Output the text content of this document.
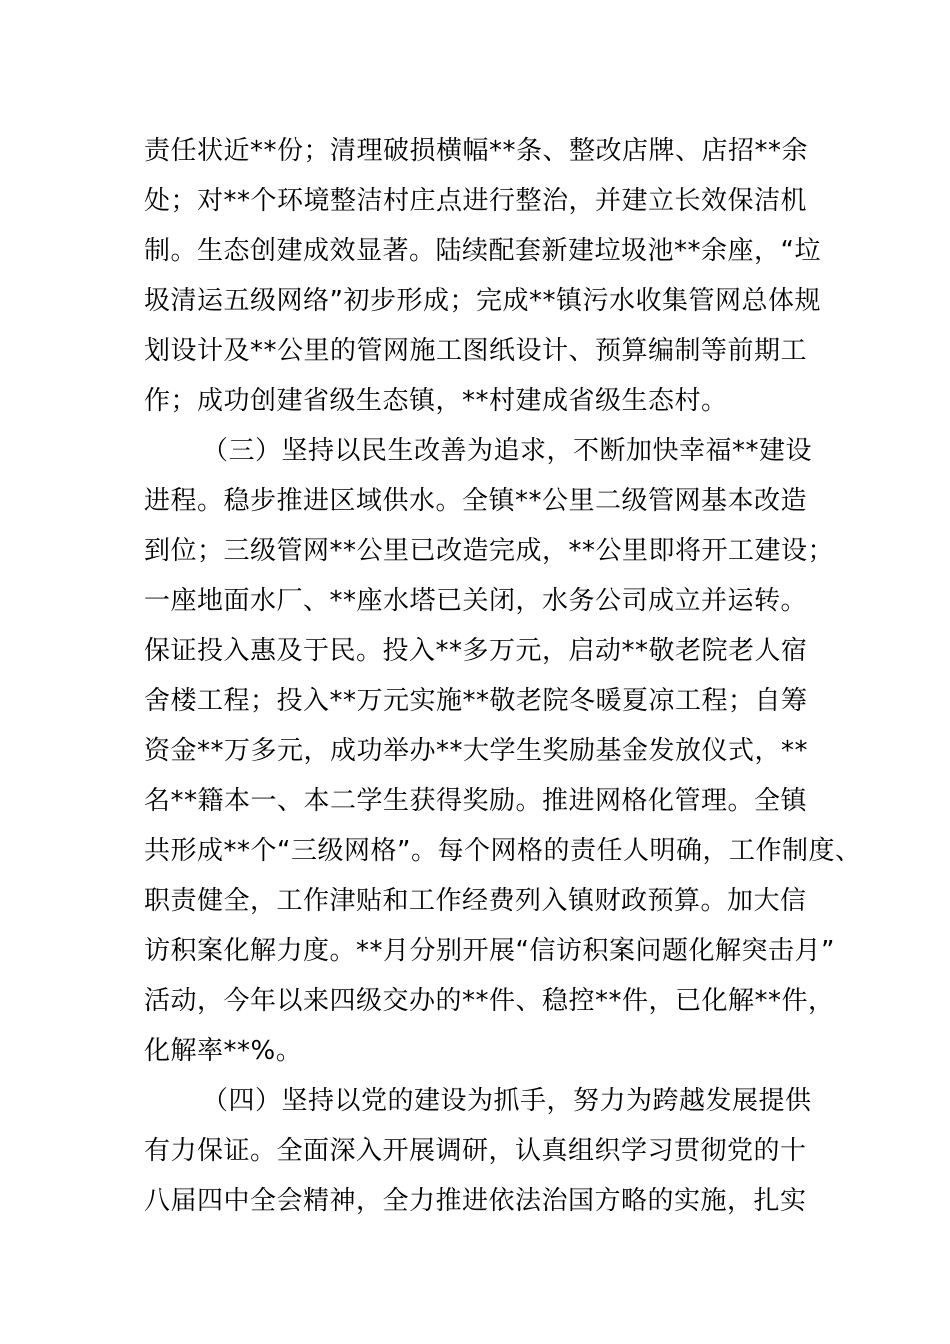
责任状近**份；清理破损横幅**条、整改店牌、店招**余
处；对**个环境整洁村庄点进行整治，并建立长效保洁机
制。生态创建成效显著。陆续配套新建垃圾池**余座，“垃
圾清运五级网络”初步形成；完成**镇污水收集管网总体规
划设计及**公里的管网施工图纸设计、预算编制等前期工
作；成功创建省级生态镇，**村建成省级生态村。
（三）坚持以民生改善为追求，不断加快幸福**建设
进程。稳步推进区域供水。全镇**公里二级管网基本改造
到位；三级管网**公里已改造完成，**公里即将开工建设；
一座地面水厂、**座水塔已关闭，水务公司成立并运转。
保证投入惠及于民。投入**多万元，启动**敬老院老人宿
舍楼工程；投入**万元实施**敬老院冬暖夏凉工程；自筹
资金**万多元，成功举办**大学生奖励基金发放仪式，**
名**籍本一、本二学生获得奖励。推进网格化管理。全镇
共形成**个“三级网格”。每个网格的责任人明确，工作制度、
职责健全，工作津贴和工作经费列入镇财政预算。加大信
访积案化解力度。**月分别开展“信访积案问题化解突击月”
活动，今年以来四级交办的**件、稳控**件，已化解**件，
化解率**%。
（四）坚持以党的建设为抓手，努力为跨越发展提供
有力保证。全面深入开展调研，认真组织学习贯彻党的十
八届四中全会精神，全力推进依法治国方略的实施，扎实
